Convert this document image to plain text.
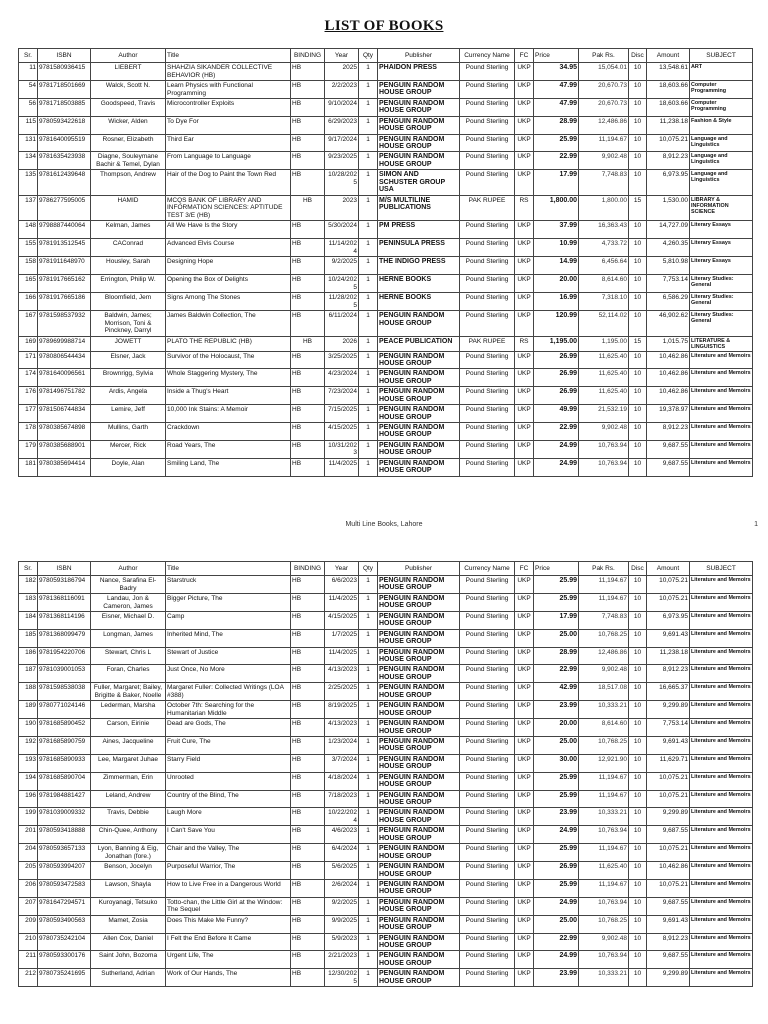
LIST OF BOOKS
Sr.	ISBN	Author	Title	BINDING	Year	Qty	Publisher	Currency Name	FC	Price	Pak Rs.	Disc	Amount	SUBJECT
11	9781580936415	LIEBERT	SHAHZIA SIKANDER COLLECTIVE BEHAVIOR (HB)	HB	2025	1	PHAIDON PRESS	Pound Sterling	UKP	34.95	15,054.01	10	13,548.61	ART
54	9781718501669	Walck, Scott N.	Learn Physics with Functional Programming	HB	2/2/2023	1	PENGUIN RANDOM HOUSE GROUP	Pound Sterling	UKP	47.99	20,670.73	10	18,603.66	Computer Programming
56	9781718503885	Goodspeed, Travis	Microcontroller Exploits	HB	9/10/2024	1	PENGUIN RANDOM HOUSE GROUP	Pound Sterling	UKP	47.99	20,670.73	10	18,603.66	Computer Programming
115	9780593422618	Wicker, Alden	To Dye For	HB	6/29/2023	1	PENGUIN RANDOM HOUSE GROUP	Pound Sterling	UKP	28.99	12,486.86	10	11,238.18	Fashion & Style
131	9781640095519	Rosner, Elizabeth	Third Ear	HB	9/17/2024	1	PENGUIN RANDOM HOUSE GROUP	Pound Sterling	UKP	25.99	11,194.67	10	10,075.21	Language and Linguistics
134	9781635423938	Diagne, Souleymane Bachir & Temel, Dylan	From Language to Language	HB	9/23/2025	1	PENGUIN RANDOM HOUSE GROUP	Pound Sterling	UKP	22.99	9,902.48	10	8,912.23	Language and Linguistics
135	9781612439648	Thompson, Andrew	Hair of the Dog to Paint the Town Red	HB	10/28/2025	1	SIMON AND SCHUSTER GROUP USA	Pound Sterling	UKP	17.99	7,748.83	10	6,973.95	Language and Linguistics
137	9786277595005	HAMID	MCQS BANK OF LIBRARY AND INFORMATION SCIENCES: APTITUDE TEST 3/E (HB)	HB	2023	1	M/S MULTILINE PUBLICATIONS	PAK RUPEE	RS	1,800.00	1,800.00	15	1,530.00	LIBRARY & INFORMATION SCIENCE
148	9798887440064	Kelman, James	All We Have Is the Story	HB	5/30/2024	1	PM PRESS	Pound Sterling	UKP	37.99	16,363.43	10	14,727.09	Literary Essays
155	9781913512545	CAConrad	Advanced Elvis Course	HB	11/14/2024	1	PENINSULA PRESS	Pound Sterling	UKP	10.99	4,733.72	10	4,260.35	Literary Essays
158	9781911648970	Housley, Sarah	Designing Hope	HB	9/2/2025	1	THE INDIGO PRESS	Pound Sterling	UKP	14.99	6,456.64	10	5,810.98	Literary Essays
165	9781917665162	Errington, Philip W.	Opening the Box of Delights	HB	10/24/2025	1	HERNE BOOKS	Pound Sterling	UKP	20.00	8,614.60	10	7,753.14	Literary Studies: General
166	9781917665186	Bloomfield, Jem	Signs Among The Stones	HB	11/28/2025	1	HERNE BOOKS	Pound Sterling	UKP	16.99	7,318.10	10	6,586.29	Literary Studies: General
167	9781598537932	Baldwin, James; Morrison, Toni & Pinckney, Darryl	James Baldwin Collection, The	HB	6/11/2024	1	PENGUIN RANDOM HOUSE GROUP	Pound Sterling	UKP	120.99	52,114.02	10	46,902.62	Literary Studies: General
169	9789699988714	JOWETT	PLATO THE REPUBLIC (HB)	HB	2026	1	PEACE PUBLICATION	PAK RUPEE	RS	1,195.00	1,195.00	15	1,015.75	LITERATURE & LINGUISTICS
171	9780806544434	Elsner, Jack	Survivor of the Holocaust, The	HB	3/25/2025	1	PENGUIN RANDOM HOUSE GROUP	Pound Sterling	UKP	26.99	11,625.40	10	10,462.86	Literature and Memoirs
174	9781640096561	Brownrigg, Sylvia	Whole Staggering Mystery, The	HB	4/23/2024	1	PENGUIN RANDOM HOUSE GROUP	Pound Sterling	UKP	26.99	11,625.40	10	10,462.86	Literature and Memoirs
176	9781496751782	Ardis, Angela	Inside a Thug's Heart	HB	7/23/2024	1	PENGUIN RANDOM HOUSE GROUP	Pound Sterling	UKP	26.99	11,625.40	10	10,462.86	Literature and Memoirs
177	9781506744834	Lemire, Jeff	10,000 Ink Stains: A Memoir	HB	7/15/2025	1	PENGUIN RANDOM HOUSE GROUP	Pound Sterling	UKP	49.99	21,532.19	10	19,378.97	Literature and Memoirs
178	9780385674898	Mullins, Garth	Crackdown	HB	4/15/2025	1	PENGUIN RANDOM HOUSE GROUP	Pound Sterling	UKP	22.99	9,902.48	10	8,912.23	Literature and Memoirs
179	9780385688901	Mercer, Rick	Road Years, The	HB	10/31/2023	1	PENGUIN RANDOM HOUSE GROUP	Pound Sterling	UKP	24.99	10,763.94	10	9,687.55	Literature and Memoirs
181	9780385694414	Doyle, Alan	Smiling Land, The	HB	11/4/2025	1	PENGUIN RANDOM HOUSE GROUP	Pound Sterling	UKP	24.99	10,763.94	10	9,687.55	Literature and Memoirs
Multi Line Books, Lahore	1
Sr.	ISBN	Author	Title	BINDING	Year	Qty	Publisher	Currency Name	FC	Price	Pak Rs.	Disc	Amount	SUBJECT
182	9780593186794	Nance, Sarafina El-Badry	Starstruck	HB	6/6/2023	1	PENGUIN RANDOM HOUSE GROUP	Pound Sterling	UKP	25.99	11,194.67	10	10,075.21	Literature and Memoirs
183	9781368116091	Landau, Jon & Cameron, James	Bigger Picture, The	HB	11/4/2025	1	PENGUIN RANDOM HOUSE GROUP	Pound Sterling	UKP	25.99	11,194.67	10	10,075.21	Literature and Memoirs
184	9781368114196	Eisner, Michael D.	Camp	HB	4/15/2025	1	PENGUIN RANDOM HOUSE GROUP	Pound Sterling	UKP	17.99	7,748.83	10	6,973.95	Literature and Memoirs
185	9781368099479	Longman, James	Inherited Mind, The	HB	1/7/2025	1	PENGUIN RANDOM HOUSE GROUP	Pound Sterling	UKP	25.00	10,768.25	10	9,691.43	Literature and Memoirs
186	9781954220706	Stewart, Chris L	Stewart of Justice	HB	11/4/2025	1	PENGUIN RANDOM HOUSE GROUP	Pound Sterling	UKP	28.99	12,486.86	10	11,238.18	Literature and Memoirs
187	9781039001053	Foran, Charles	Just Once, No More	HB	4/13/2023	1	PENGUIN RANDOM HOUSE GROUP	Pound Sterling	UKP	22.99	9,902.48	10	8,912.23	Literature and Memoirs
188	9781598538038	Fuller, Margaret; Bailey, Brigitte & Baker, Noelle	Margaret Fuller: Collected Writings (LOA #388)	HB	2/25/2025	1	PENGUIN RANDOM HOUSE GROUP	Pound Sterling	UKP	42.99	18,517.08	10	16,665.37	Literature and Memoirs
189	9780771024146	Lederman, Marsha	October 7th: Searching for the Humanitarian Middle	HB	8/19/2025	1	PENGUIN RANDOM HOUSE GROUP	Pound Sterling	UKP	23.99	10,333.21	10	9,299.89	Literature and Memoirs
190	9781685890452	Carson, Eirinie	Dead are Gods, The	HB	4/13/2023	1	PENGUIN RANDOM HOUSE GROUP	Pound Sterling	UKP	20.00	8,614.60	10	7,753.14	Literature and Memoirs
192	9781685890759	Aines, Jacqueline	Fruit Cure, The	HB	1/23/2024	1	PENGUIN RANDOM HOUSE GROUP	Pound Sterling	UKP	25.00	10,768.25	10	9,691.43	Literature and Memoirs
193	9781685890933	Lee, Margaret Juhae	Starry Field	HB	3/7/2024	1	PENGUIN RANDOM HOUSE GROUP	Pound Sterling	UKP	30.00	12,921.90	10	11,629.71	Literature and Memoirs
194	9781685890704	Zimmerman, Erin	Unrooted	HB	4/18/2024	1	PENGUIN RANDOM HOUSE GROUP	Pound Sterling	UKP	25.99	11,194.67	10	10,075.21	Literature and Memoirs
196	9781984881427	Leland, Andrew	Country of the Blind, The	HB	7/18/2023	1	PENGUIN RANDOM HOUSE GROUP	Pound Sterling	UKP	25.99	11,194.67	10	10,075.21	Literature and Memoirs
199	9781039009332	Travis, Debbie	Laugh More	HB	10/22/2024	1	PENGUIN RANDOM HOUSE GROUP	Pound Sterling	UKP	23.99	10,333.21	10	9,299.89	Literature and Memoirs
201	9780593418888	Chin-Quee, Anthony	I Can't Save You	HB	4/6/2023	1	PENGUIN RANDOM HOUSE GROUP	Pound Sterling	UKP	24.99	10,763.94	10	9,687.55	Literature and Memoirs
204	9780593657133	Lyon, Banning & Eig, Jonathan (fore.)	Chair and the Valley, The	HB	6/4/2024	1	PENGUIN RANDOM HOUSE GROUP	Pound Sterling	UKP	25.99	11,194.67	10	10,075.21	Literature and Memoirs
205	9780593994207	Benson, Jocelyn	Purposeful Warrior, The	HB	5/6/2025	1	PENGUIN RANDOM HOUSE GROUP	Pound Sterling	UKP	26.99	11,625.40	10	10,462.86	Literature and Memoirs
206	9780593472583	Lawson, Shayla	How to Live Free in a Dangerous World	HB	2/6/2024	1	PENGUIN RANDOM HOUSE GROUP	Pound Sterling	UKP	25.99	11,194.67	10	10,075.21	Literature and Memoirs
207	9781647294571	Kuroyanagi, Tetsuko	Totto-chan, the Little Girl at the Window: The Sequel	HB	9/2/2025	1	PENGUIN RANDOM HOUSE GROUP	Pound Sterling	UKP	24.99	10,763.94	10	9,687.55	Literature and Memoirs
209	9780593490563	Mamet, Zosia	Does This Make Me Funny?	HB	9/9/2025	1	PENGUIN RANDOM HOUSE GROUP	Pound Sterling	UKP	25.00	10,768.25	10	9,691.43	Literature and Memoirs
210	9780735242104	Allen Cox, Daniel	I Felt the End Before It Came	HB	5/9/2023	1	PENGUIN RANDOM HOUSE GROUP	Pound Sterling	UKP	22.99	9,902.48	10	8,912.23	Literature and Memoirs
211	9780593300176	Saint John, Bozoma	Urgent Life, The	HB	2/21/2023	1	PENGUIN RANDOM HOUSE GROUP	Pound Sterling	UKP	24.99	10,763.94	10	9,687.55	Literature and Memoirs
212	9780735241695	Sutherland, Adrian	Work of Our Hands, The	HB	12/30/2025	1	PENGUIN RANDOM HOUSE GROUP	Pound Sterling	UKP	23.99	10,333.21	10	9,299.89	Literature and Memoirs
